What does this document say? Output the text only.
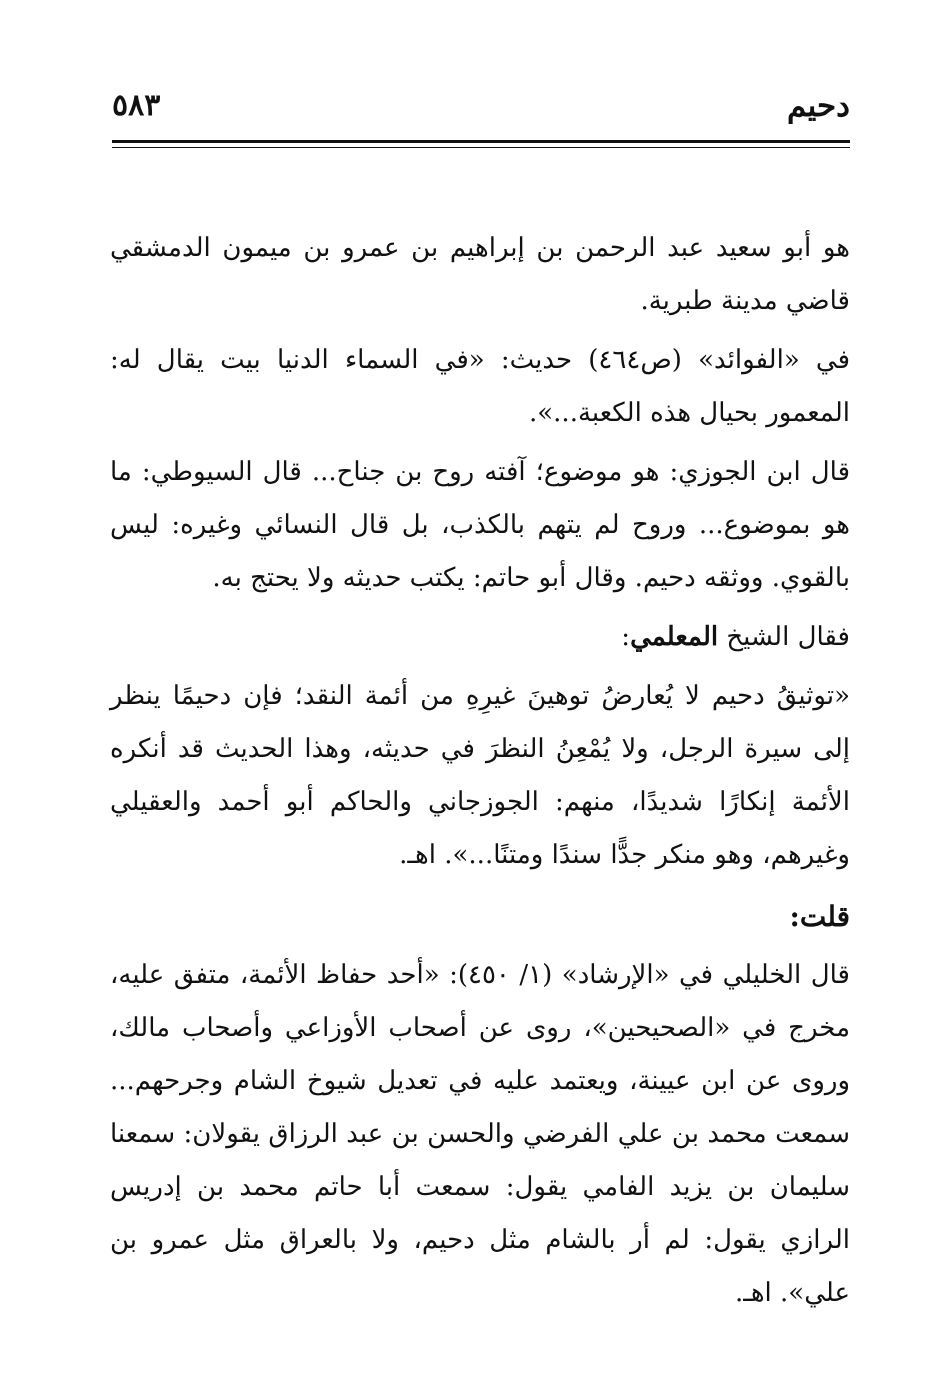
دحيم
٥٨٣

هو أبو سعيد عبد الرحمن بن إبراهيم بن عمرو بن ميمون الدمشقي قاضي مدينة طبرية.

في «الفوائد» (ص٤٦٤) حديث: «في السماء الدنيا بيت يقال له: المعمور بحيال هذه الكعبة...».

قال ابن الجوزي: هو موضوع؛ آفته روح بن جناح... قال السيوطي: ما هو بموضوع... وروح لم يتهم بالكذب، بل قال النسائي وغيره: ليس بالقوي. ووثقه دحيم. وقال أبو حاتم: يكتب حديثه ولا يحتج به.

فقال الشيخ المعلمي:

«توثيقُ دحيم لا يُعارضُ توهينَ غيرِهِ من أئمة النقد؛ فإن دحيمًا ينظر إلى سيرة الرجل، ولا يُمْعِنُ النظرَ في حديثه، وهذا الحديث قد أنكره الأئمة إنكارًا شديدًا، منهم: الجوزجاني والحاكم أبو أحمد والعقيلي وغيرهم، وهو منكر جدًّا سندًا ومتنًا...». اهـ.

قلت:

قال الخليلي في «الإرشاد» (١/ ٤٥٠): «أحد حفاظ الأئمة، متفق عليه، مخرج في «الصحيحين»، روى عن أصحاب الأوزاعي وأصحاب مالك، وروى عن ابن عيينة، ويعتمد عليه في تعديل شيوخ الشام وجرحهم... سمعت محمد بن علي الفرضي والحسن بن عبد الرزاق يقولان: سمعنا سليمان بن يزيد الفامي يقول: سمعت أبا حاتم محمد بن إدريس الرازي يقول: لم أر بالشام مثل دحيم، ولا بالعراق مثل عمرو بن علي». اهـ.
